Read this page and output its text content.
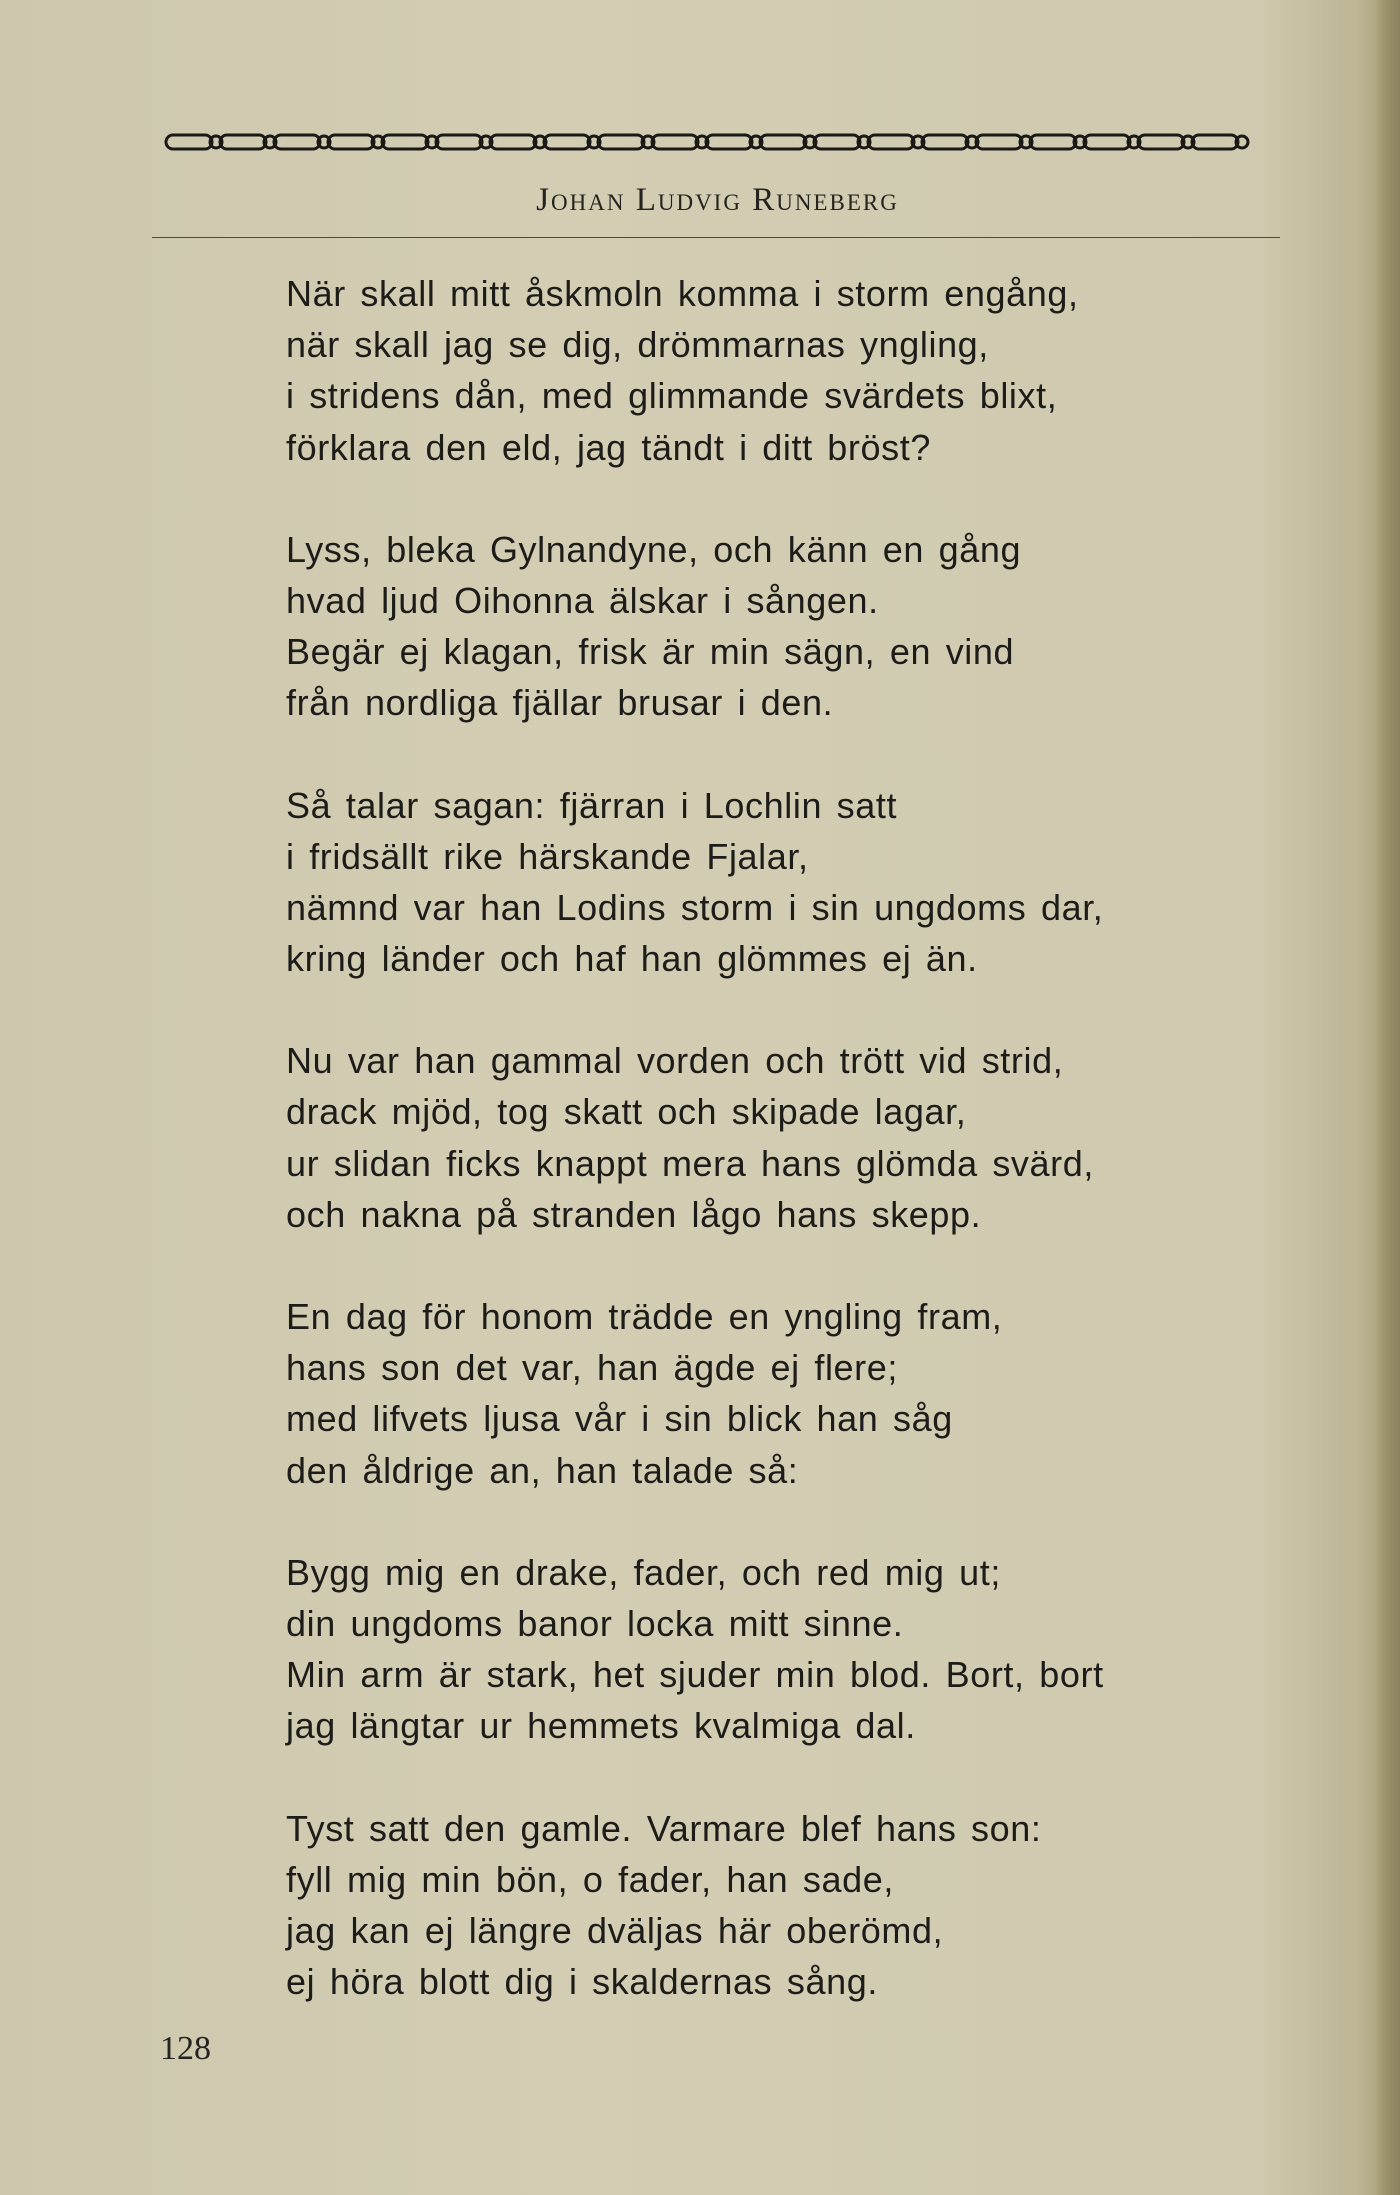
Johan Ludvig Runeberg
När skall mitt åskmoln komma i storm engång,
när skall jag se dig, drömmarnas yngling,
i stridens dån, med glimmande svärdets blixt,
förklara den eld, jag tändt i ditt bröst?
Lyss, bleka Gylnandyne, och känn en gång
hvad ljud Oihonna älskar i sången.
Begär ej klagan, frisk är min sägn, en vind
från nordliga fjällar brusar i den.
Så talar sagan: fjärran i Lochlin satt
i fridsällt rike härskande Fjalar,
nämnd var han Lodins storm i sin ungdoms dar,
kring länder och haf han glömmes ej än.
Nu var han gammal vorden och trött vid strid,
drack mjöd, tog skatt och skipade lagar,
ur slidan ficks knappt mera hans glömda svärd,
och nakna på stranden lågo hans skepp.
En dag för honom trädde en yngling fram,
hans son det var, han ägde ej flere;
med lifvets ljusa vår i sin blick han såg
den åldrige an, han talade så:
Bygg mig en drake, fader, och red mig ut;
din ungdoms banor locka mitt sinne.
Min arm är stark, het sjuder min blod. Bort, bort
jag längtar ur hemmets kvalmiga dal.
Tyst satt den gamle. Varmare blef hans son:
fyll mig min bön, o fader, han sade,
jag kan ej längre dväljas här oberömd,
ej höra blott dig i skaldernas sång.
128
